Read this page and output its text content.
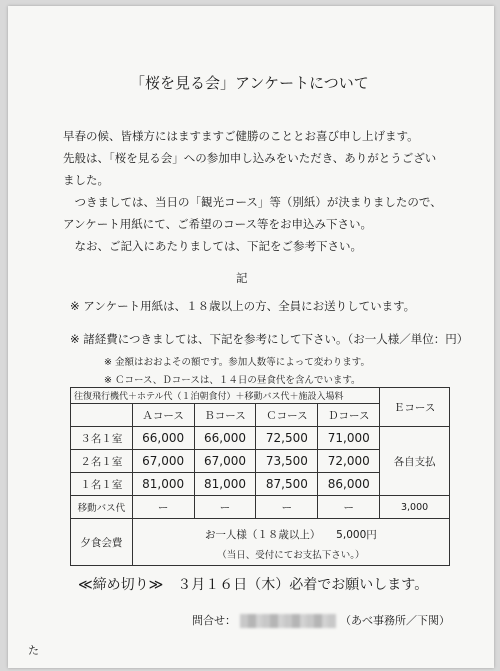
「桜を見る会」アンケートについて
早春の候、皆様方にはますますご健勝のこととお喜び申し上げます。
先般は、「桜を見る会」への参加申し込みをいただき、ありがとうござい
ました。
　つきましては、当日の「観光コース」等（別紙）が決まりましたので、
アンケート用紙にて、ご希望のコース等をお申込み下さい。
　なお、ご記入にあたりましては、下記をご参考下さい。
記
※ アンケート用紙は、１８歳以上の方、全員にお送りしています。
※ 諸経費につきましては、下記を参考にして下さい。（お一人様／単位：円）
※ 金額はおおよその額です。参加人数等によって変わります。
※ Ｃコース、Ｄコースは、１４日の昼食代を含んでいます。
往復飛行機代＋ホテル代（１泊朝食付）＋移動バス代＋施設入場料					Ｅコース
	Ａコース	Ｂコース	Ｃコース	Ｄコース	
３名１室	66,000	66,000	72,500	71,000	各自支払
２名１室	67,000	67,000	73,500	72,000	
１名１室	81,000	81,000	87,500	86,000	
移動バス代	ー	ー	ー	ー	3,000
夕食会費	お一人様（１８歳以上）　　5,000円				
	（当日、受付にてお支払下さい。）				
≪締め切り≫　３月１６日（木）必着でお願いします。
問合せ：	（あべ事務所／下関）
た
